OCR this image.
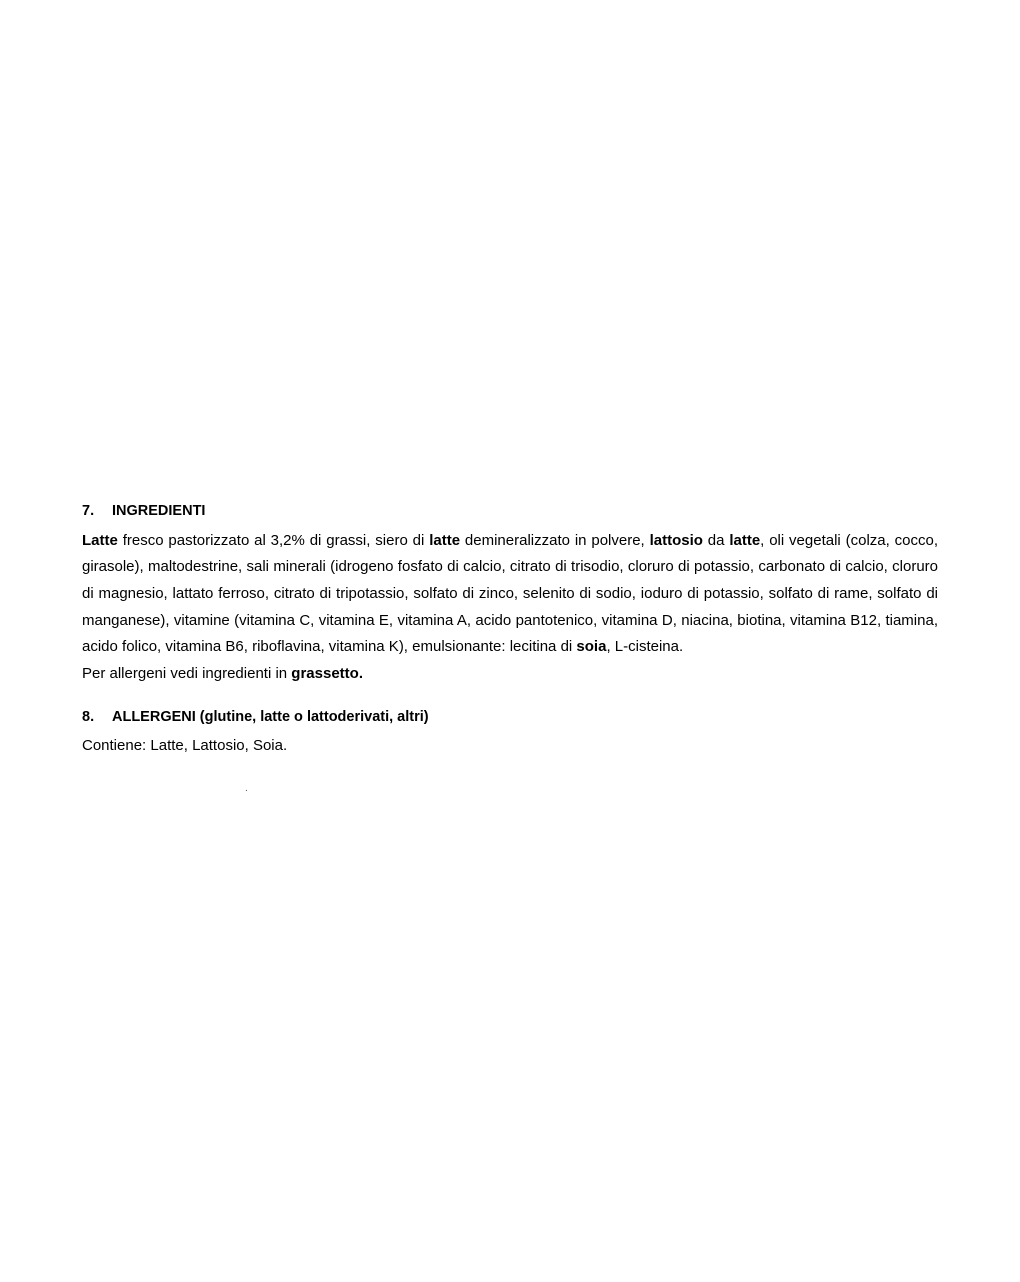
7. INGREDIENTI
Latte fresco pastorizzato al 3,2% di grassi, siero di latte demineralizzato in polvere, lattosio da latte, oli vegetali (colza, cocco, girasole), maltodestrine, sali minerali (idrogeno fosfato di calcio, citrato di trisodio, cloruro di potassio, carbonato di calcio, cloruro di magnesio, lattato ferroso, citrato di tripotassio, solfato di zinco, selenito di sodio, ioduro di potassio, solfato di rame, solfato di manganese), vitamine (vitamina C, vitamina E, vitamina A, acido pantotenico, vitamina D, niacina, biotina, vitamina B12, tiamina, acido folico, vitamina B6, riboflavina, vitamina K), emulsionante: lecitina di soia, L-cisteina.
Per allergeni vedi ingredienti in grassetto.
8. ALLERGENI (glutine, latte o lattoderivati, altri)
Contiene: Latte, Lattosio, Soia.
.
